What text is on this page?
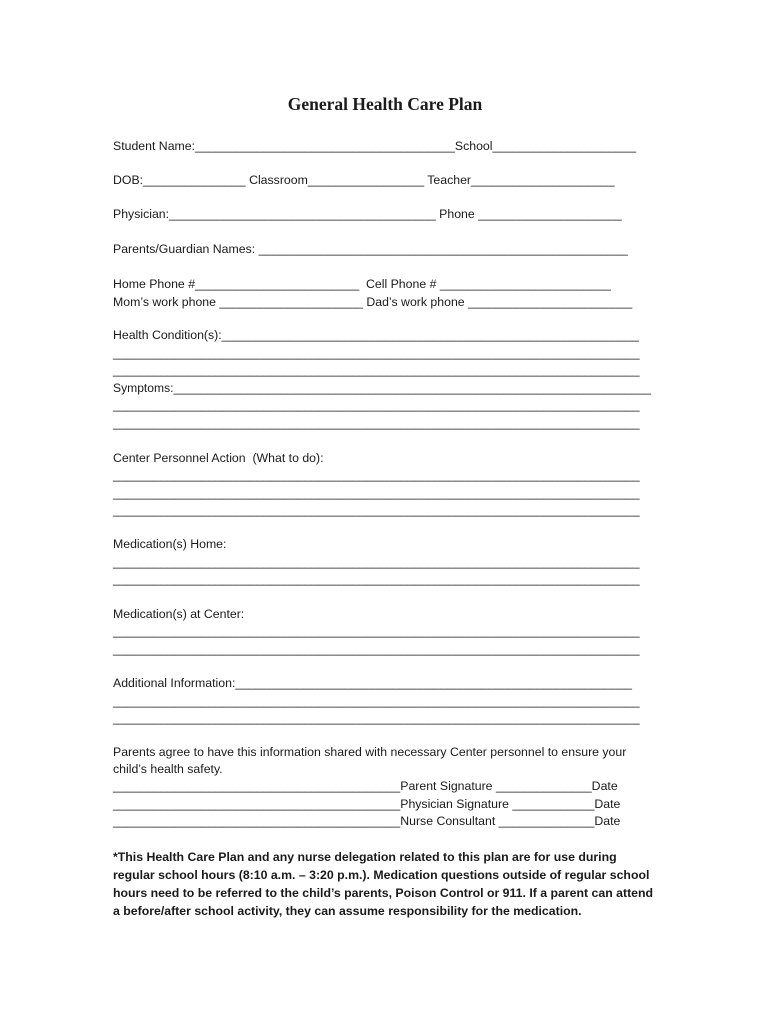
General Health Care Plan
Student Name:______________________________________School_____________________
DOB:_______________ Classroom_________________ Teacher_____________________
Physician:_______________________________________ Phone _____________________
Parents/Guardian Names: ______________________________________________________
Home Phone #________________________  Cell Phone # _________________________
Mom’s work phone _____________________ Dad’s work phone ________________________
Health Condition(s):_____________________________________________________________
_____________________________________________________________________________
_____________________________________________________________________________
Symptoms:_______________________________________________________________________
_____________________________________________________________________________
_____________________________________________________________________________
Center Personnel Action  (What to do):
_____________________________________________________________________________
_____________________________________________________________________________
_____________________________________________________________________________
Medication(s) Home:
_____________________________________________________________________________
_____________________________________________________________________________
Medication(s) at Center:
_____________________________________________________________________________
_____________________________________________________________________________
Additional Information:__________________________________________________________
_____________________________________________________________________________
_____________________________________________________________________________
Parents agree to have this information shared with necessary Center personnel to ensure your child’s health safety.
__________________________________________Parent Signature ______________Date
__________________________________________Physician Signature ____________Date
__________________________________________Nurse Consultant ______________Date
*This Health Care Plan and any nurse delegation related to this plan are for use during regular school hours (8:10 a.m. – 3:20 p.m.). Medication questions outside of regular school hours need to be referred to the child’s parents, Poison Control or 911. If a parent can attend a before/after school activity, they can assume responsibility for the medication.
